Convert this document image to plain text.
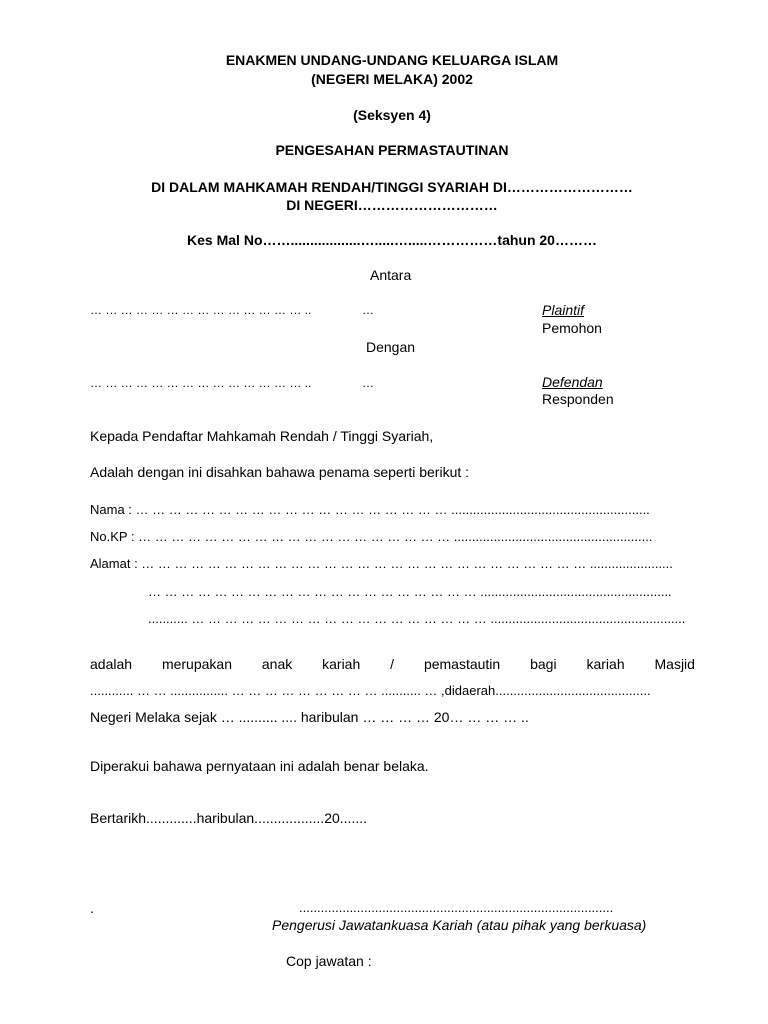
ENAKMEN UNDANG-UNDANG KELUARGA ISLAM
(NEGERI MELAKA) 2002
(Seksyen 4)
PENGESAHAN PERMASTAUTINAN
DI DALAM MAHKAMAH RENDAH/TINGGI SYARIAH DI………………………
DI NEGERI…………………………
Kes Mal No……..................….....….....……………tahun 20………
Antara
… … … … … … … … … … … … … … ..	…	Plaintif
Pemohon
Dengan
… … … … … … … … … … … … … … ..	…	Defendan
Responden
Kepada Pendaftar Mahkamah Rendah / Tinggi Syariah,
Adalah dengan ini disahkan bahawa penama seperti berikut :
Nama : … … … … … … … … … … … … … … … … … … … .......................................................
No.KP : … … … … … … … … … … … … … … … … … … … .......................................................
Alamat : … … … … … … … … … … … … … … … … … … … … … … … … … … … .......................
… … … … … … … … … … … … … … … … … … … … .....................................................
........... … … … … … … … … … … … … … … … … … … ......................................................
adalah merupakan anak kariah / pemastautin bagi kariah Masjid
............ … … ................ … … … … … … … … … ........... … ,didaerah...........................................
Negeri Melaka sejak … .......... .... haribulan … … … … 20… … … … ..
Diperakui bahawa pernyataan ini adalah benar belaka.
Bertarikh.............haribulan..................20.......
.	.......................................................................................
Pengerusi Jawatankuasa Kariah (atau pihak yang berkuasa)
Cop jawatan :
